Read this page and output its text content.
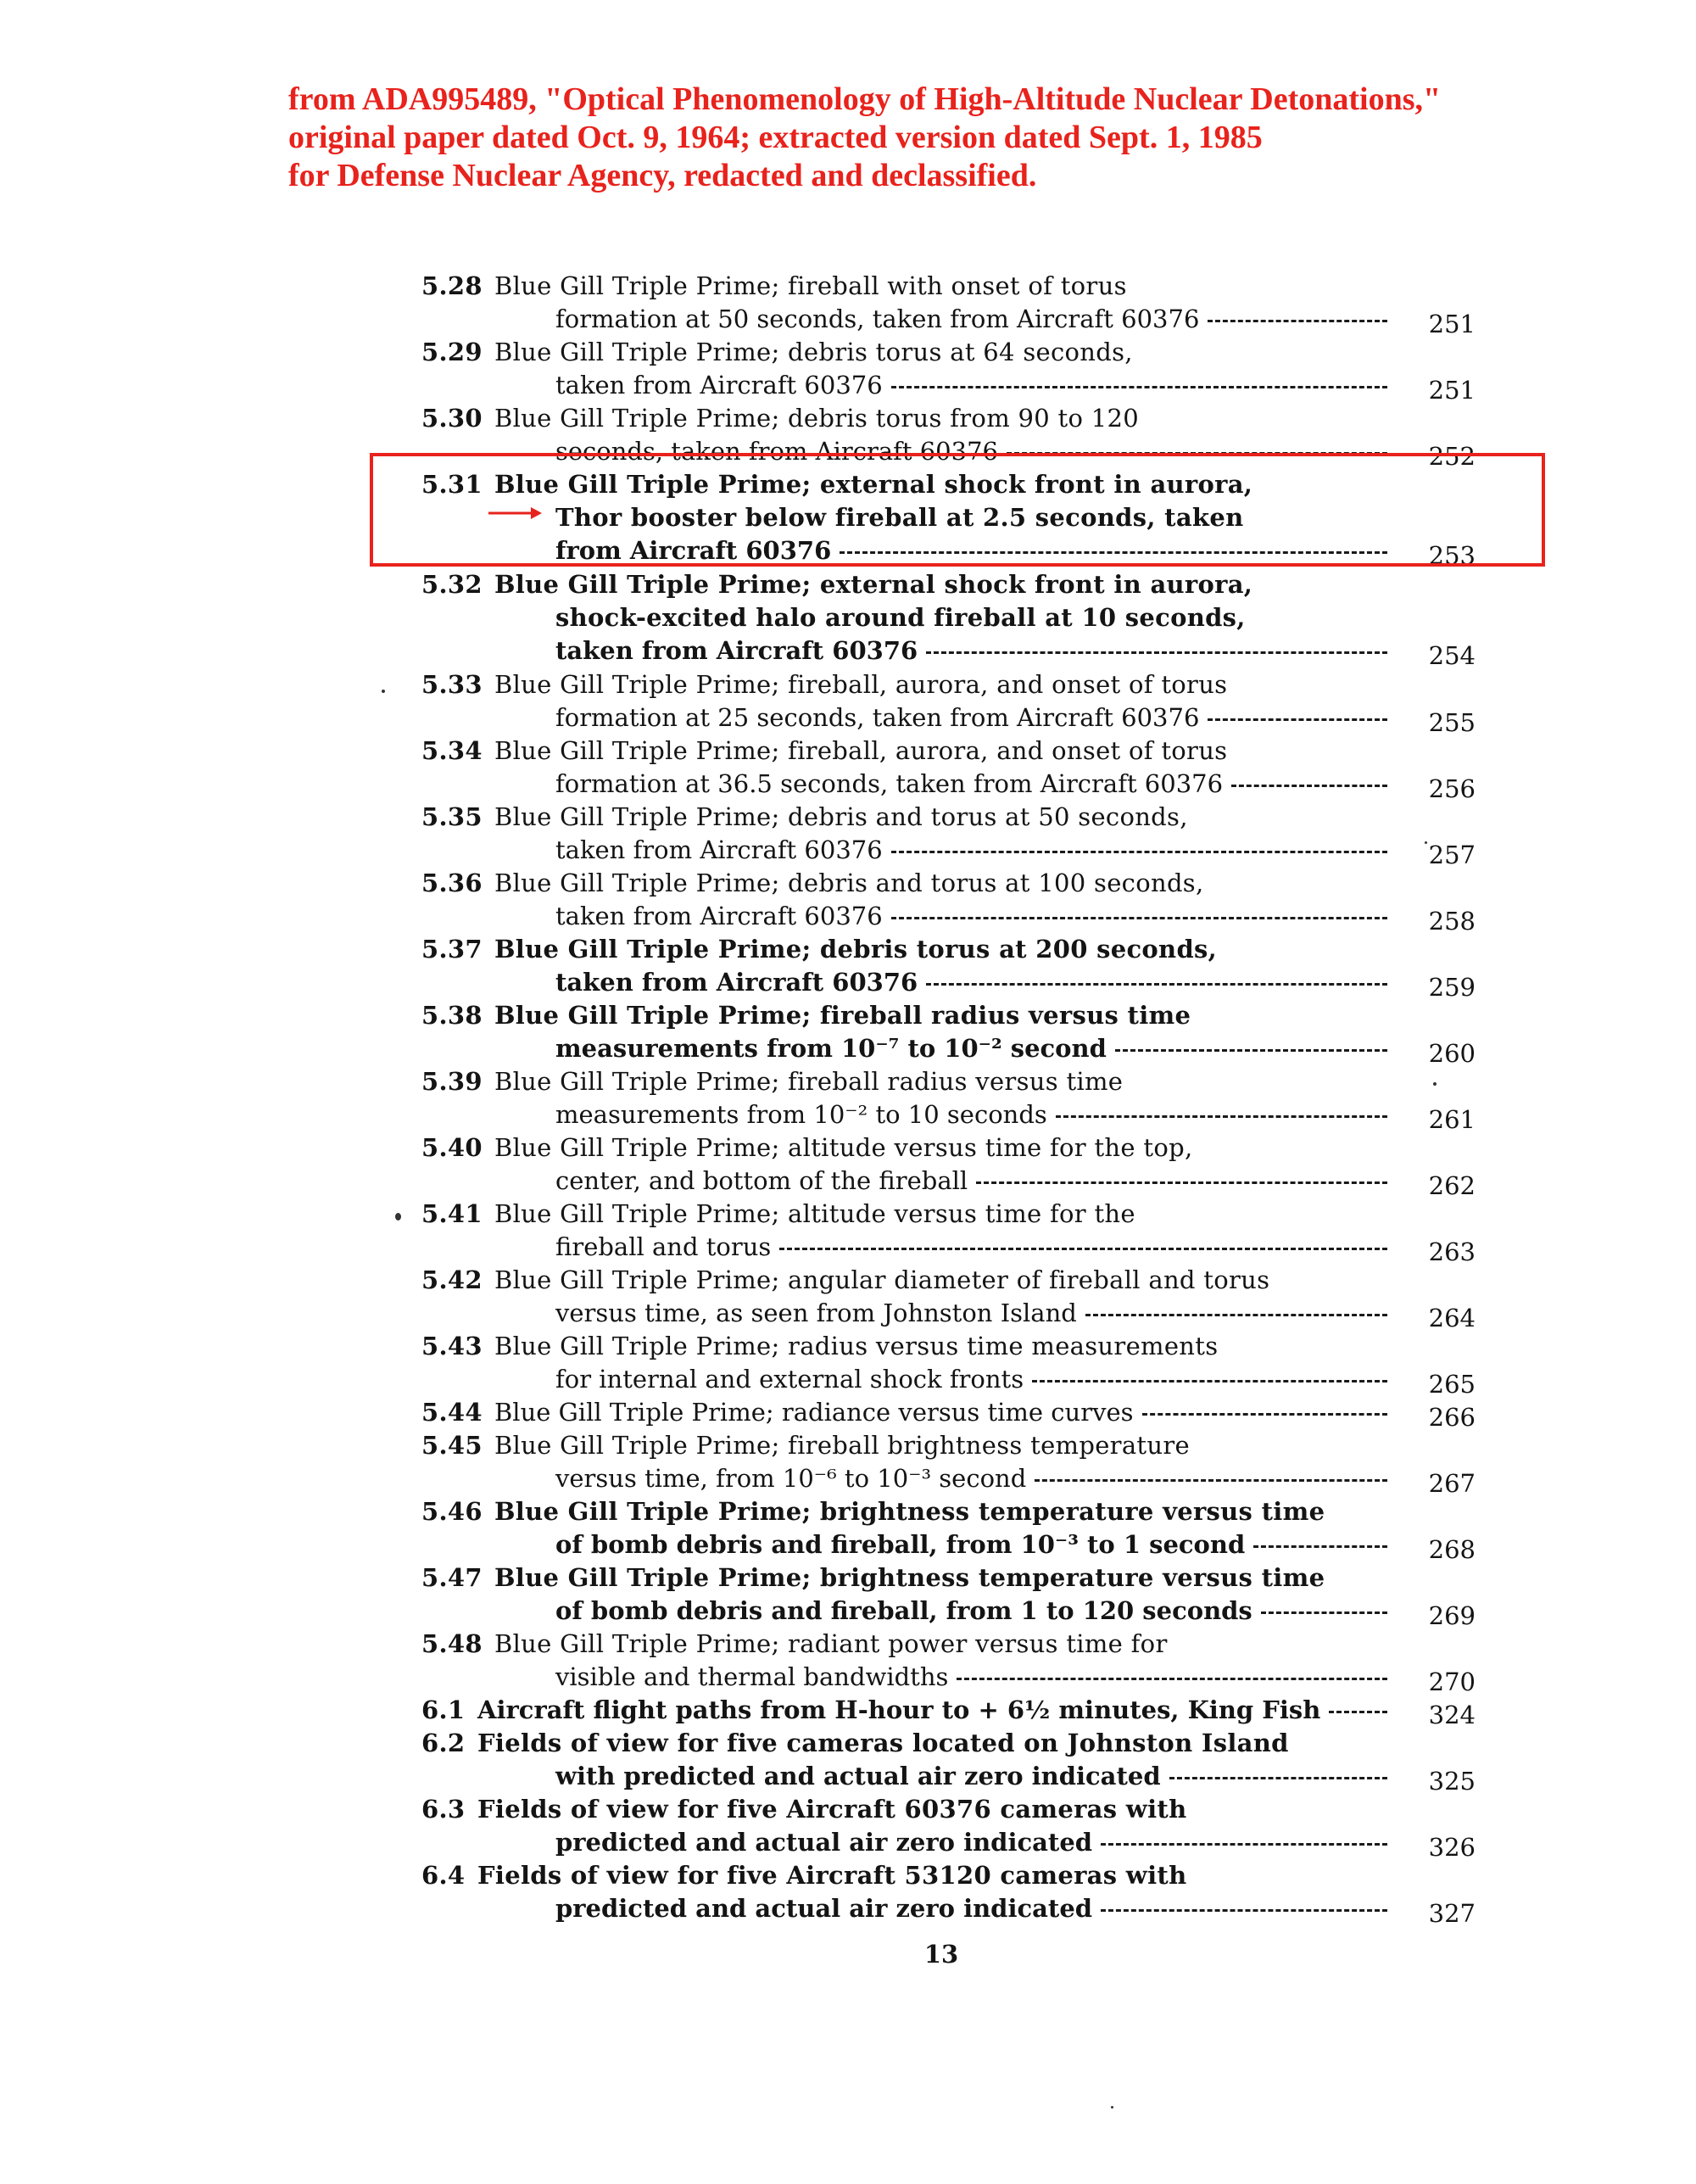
from ADA995489, "Optical Phenomenology of High-Altitude Nuclear Detonations,"
original paper dated Oct. 9, 1964; extracted version dated Sept. 1, 1985
for Defense Nuclear Agency, redacted and declassified.
5.28 Blue Gill Triple Prime; fireball with onset of torus
formation at 50 seconds, taken from Aircraft 60376	251
5.29 Blue Gill Triple Prime; debris torus at 64 seconds,
taken from Aircraft 60376	251
5.30 Blue Gill Triple Prime; debris torus from 90 to 120
seconds, taken from Aircraft 60376	252
5.31 Blue Gill Triple Prime; external shock front in aurora,
Thor booster below fireball at 2.5 seconds, taken
from Aircraft 60376	253
5.32 Blue Gill Triple Prime; external shock front in aurora,
shock-excited halo around fireball at 10 seconds,
taken from Aircraft 60376	254
5.33 Blue Gill Triple Prime; fireball, aurora, and onset of torus
formation at 25 seconds, taken from Aircraft 60376	255
5.34 Blue Gill Triple Prime; fireball, aurora, and onset of torus
formation at 36.5 seconds, taken from Aircraft 60376	256
5.35 Blue Gill Triple Prime; debris and torus at 50 seconds,
taken from Aircraft 60376	257
5.36 Blue Gill Triple Prime; debris and torus at 100 seconds,
taken from Aircraft 60376	258
5.37 Blue Gill Triple Prime; debris torus at 200 seconds,
taken from Aircraft 60376	259
5.38 Blue Gill Triple Prime; fireball radius versus time
measurements from 10⁻⁷ to 10⁻² second	260
5.39 Blue Gill Triple Prime; fireball radius versus time
measurements from 10⁻² to 10 seconds	261
5.40 Blue Gill Triple Prime; altitude versus time for the top,
center, and bottom of the fireball	262
5.41 Blue Gill Triple Prime; altitude versus time for the
fireball and torus	263
5.42 Blue Gill Triple Prime; angular diameter of fireball and torus
versus time, as seen from Johnston Island	264
5.43 Blue Gill Triple Prime; radius versus time measurements
for internal and external shock fronts	265
5.44 Blue Gill Triple Prime; radiance versus time curves	266
5.45 Blue Gill Triple Prime; fireball brightness temperature
versus time, from 10⁻⁶ to 10⁻³ second	267
5.46 Blue Gill Triple Prime; brightness temperature versus time
of bomb debris and fireball, from 10⁻³ to 1 second	268
5.47 Blue Gill Triple Prime; brightness temperature versus time
of bomb debris and fireball, from 1 to 120 seconds	269
5.48 Blue Gill Triple Prime; radiant power versus time for
visible and thermal bandwidths	270
6.1 Aircraft flight paths from H-hour to + 6½ minutes, King Fish	324
6.2 Fields of view for five cameras located on Johnston Island
with predicted and actual air zero indicated	325
6.3 Fields of view for five Aircraft 60376 cameras with
predicted and actual air zero indicated	326
6.4 Fields of view for five Aircraft 53120 cameras with
predicted and actual air zero indicated	327
13
